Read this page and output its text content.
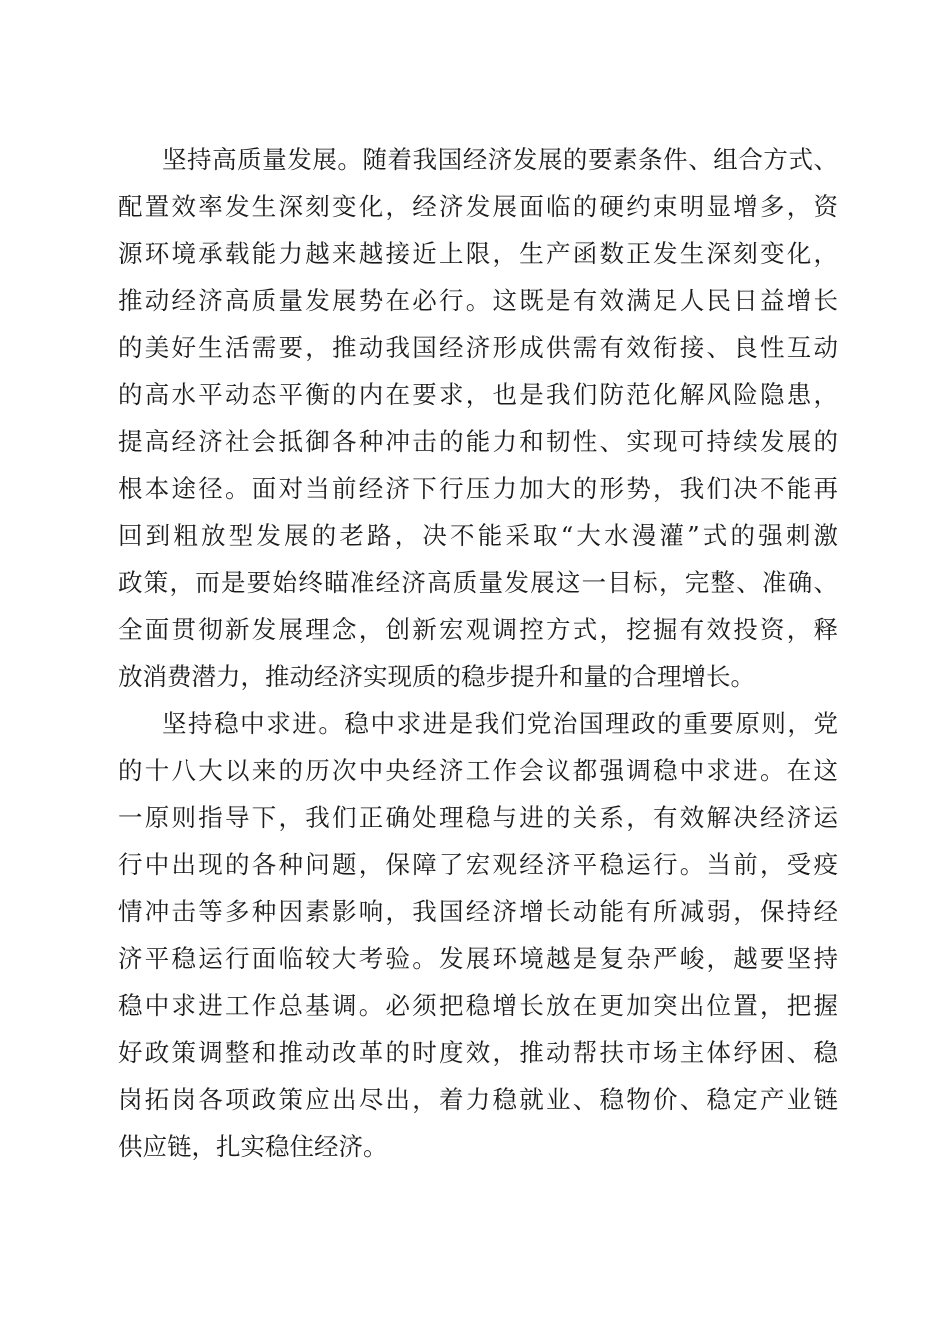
坚持高质量发展。随着我国经济发展的要素条件、组合方式、
配置效率发生深刻变化，经济发展面临的硬约束明显增多，资
源环境承载能力越来越接近上限，生产函数正发生深刻变化，
推动经济高质量发展势在必行。这既是有效满足人民日益增长
的美好生活需要，推动我国经济形成供需有效衔接、良性互动
的高水平动态平衡的内在要求，也是我们防范化解风险隐患，
提高经济社会抵御各种冲击的能力和韧性、实现可持续发展的
根本途径。面对当前经济下行压力加大的形势，我们决不能再
回到粗放型发展的老路，决不能采取“大水漫灌”式的强刺激
政策，而是要始终瞄准经济高质量发展这一目标，完整、准确、
全面贯彻新发展理念，创新宏观调控方式，挖掘有效投资，释
放消费潜力，推动经济实现质的稳步提升和量的合理增长。
坚持稳中求进。稳中求进是我们党治国理政的重要原则，党
的十八大以来的历次中央经济工作会议都强调稳中求进。在这
一原则指导下，我们正确处理稳与进的关系，有效解决经济运
行中出现的各种问题，保障了宏观经济平稳运行。当前，受疫
情冲击等多种因素影响，我国经济增长动能有所减弱，保持经
济平稳运行面临较大考验。发展环境越是复杂严峻，越要坚持
稳中求进工作总基调。必须把稳增长放在更加突出位置，把握
好政策调整和推动改革的时度效，推动帮扶市场主体纾困、稳
岗拓岗各项政策应出尽出，着力稳就业、稳物价、稳定产业链
供应链，扎实稳住经济。
